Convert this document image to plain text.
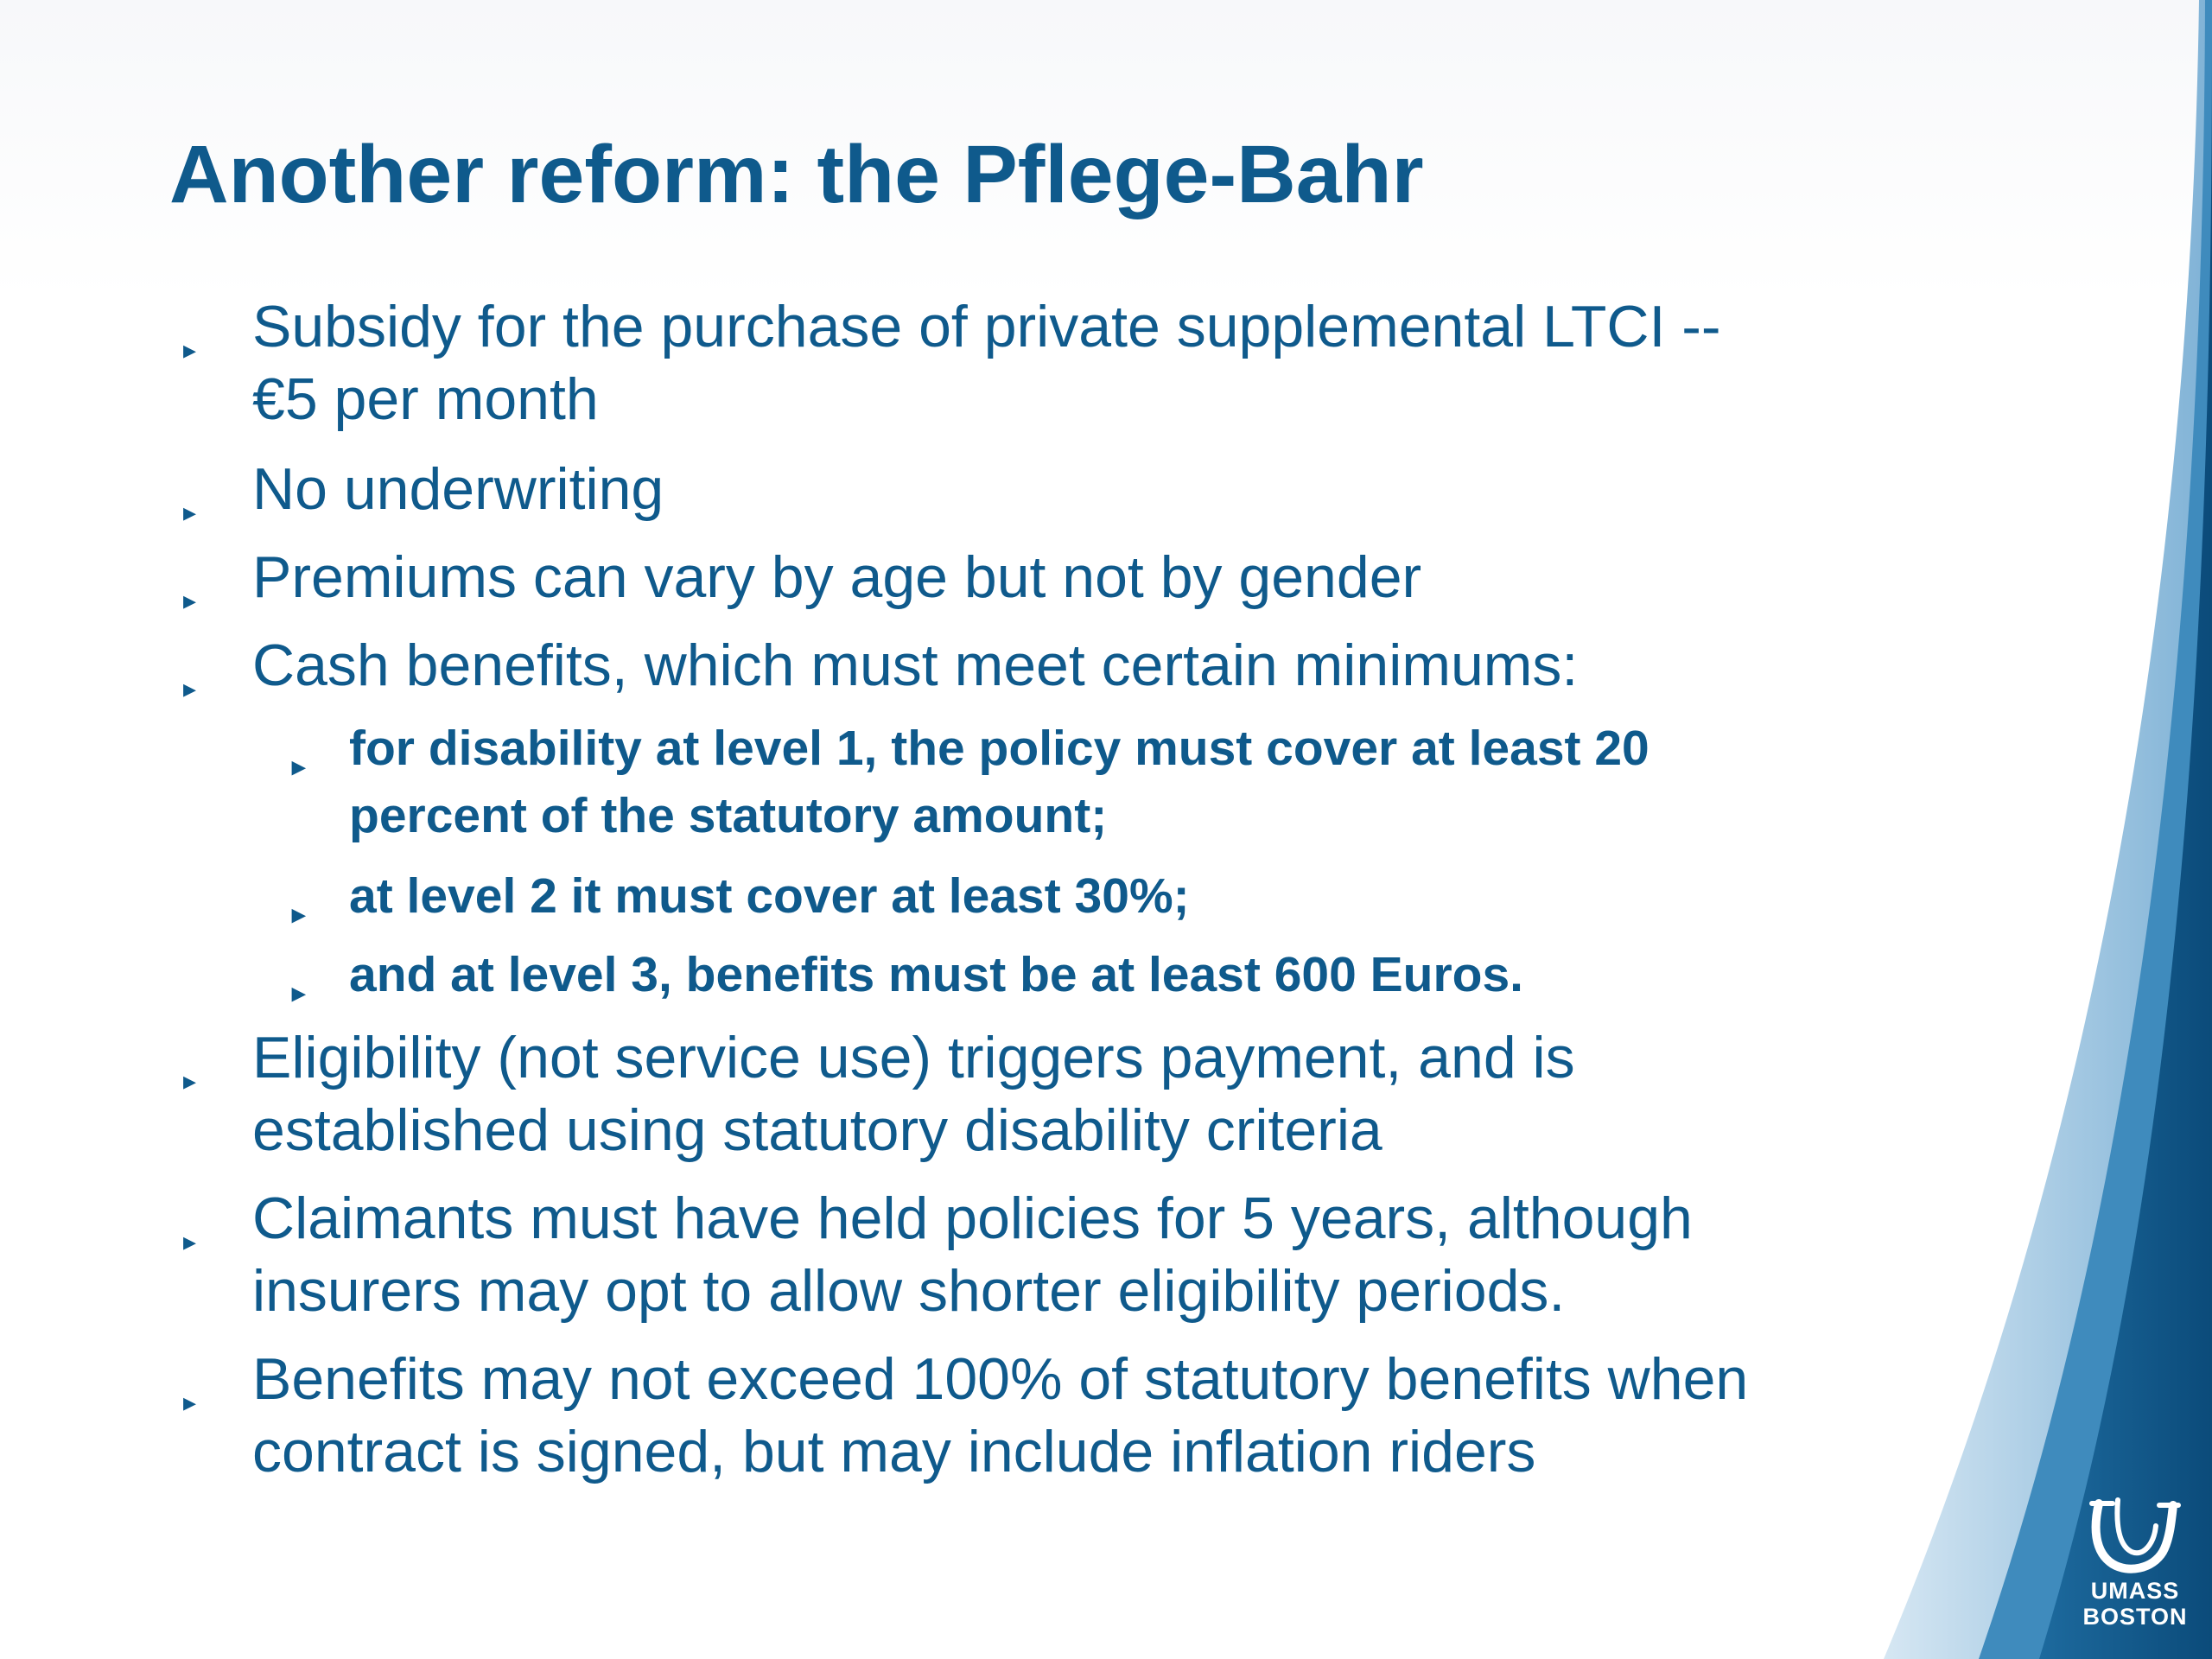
Another reform: the Pflege-Bahr
▸ Subsidy for the purchase of private supplemental LTCI --
€5 per month
▸ No underwriting
▸ Premiums can vary by age but not by gender
▸ Cash benefits, which must meet certain minimums:
▸ for disability at level 1, the policy must cover at least 20
percent of the statutory amount;
▸ at level 2 it must cover at least 30%;
▸ and at level 3, benefits must be at least 600 Euros.
▸ Eligibility (not service use) triggers payment, and is
established using statutory disability criteria
▸ Claimants must have held policies for 5 years, although
insurers may opt to allow shorter eligibility periods.
▸ Benefits may not exceed 100% of statutory benefits when
contract is signed, but may include inflation riders
UMASS
BOSTON
